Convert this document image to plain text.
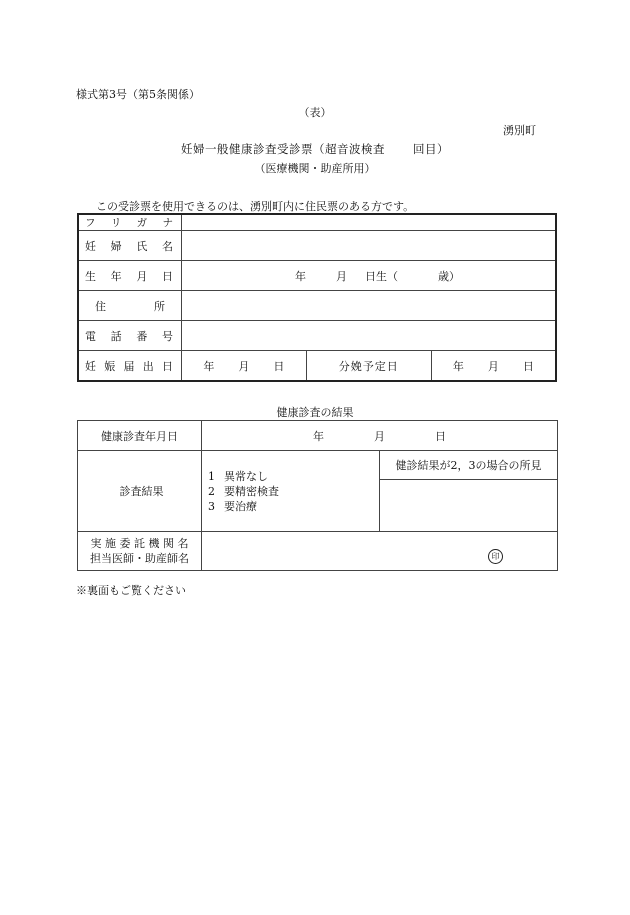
様式第3号（第5条関係）
（表）
湧別町
妊婦一般健康診査受診票（超音波検査 回目）
（医療機関・助産所用）
この受診票を使用できるのは、湧別町内に住民票のある方です。
フ リ ガ ナ			

妊 婦 氏 名			

生 年 月 日	年 月 日生（ 歳）		

住 所			

電 話 番 号			

妊 娠 届 出 日	年 月 日	分娩予定日	年 月 日
健康診査の結果
健康診査年月日	年 月 日	

診査結果	1 異常なし
2 要精密検査
3 要治療	健診結果が2，3の場合の所見

実 施 委 託 機 関 名
担当医師・助産師名	印	
※裏面もご覧ください
